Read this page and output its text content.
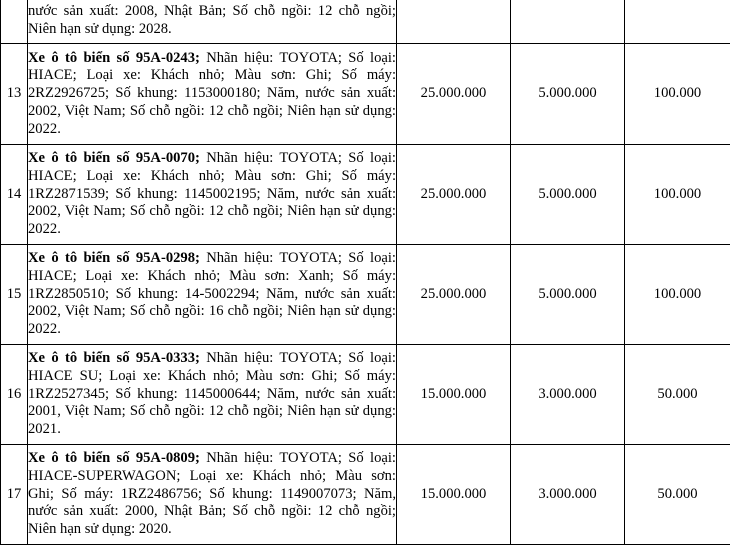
	nước sản xuất: 2008, Nhật Bản; Số chỗ ngồi: 12 chỗ ngồi;
Niên hạn sử dụng: 2028.			

13	Xe ô tô biển số 95A-0243; Nhãn hiệu: TOYOTA; Số loại:
HIACE; Loại xe: Khách nhỏ; Màu sơn: Ghi; Số máy:
2RZ2926725; Số khung: 1153000180; Năm, nước sản xuất:
2002, Việt Nam; Số chỗ ngồi: 12 chỗ ngồi; Niên hạn sử dụng:
2022.	25.000.000	5.000.000	100.000
14	Xe ô tô biển số 95A-0070; Nhãn hiệu: TOYOTA; Số loại:
HIACE; Loại xe: Khách nhỏ; Màu sơn: Ghi; Số máy:
1RZ2871539; Số khung: 1145002195; Năm, nước sản xuất:
2002, Việt Nam; Số chỗ ngồi: 12 chỗ ngồi; Niên hạn sử dụng:
2022.	25.000.000	5.000.000	100.000
15	Xe ô tô biển số 95A-0298; Nhãn hiệu: TOYOTA; Số loại:
HIACE; Loại xe: Khách nhỏ; Màu sơn: Xanh; Số máy:
1RZ2850510; Số khung: 14-5002294; Năm, nước sản xuất:
2002, Việt Nam; Số chỗ ngồi: 16 chỗ ngồi; Niên hạn sử dụng:
2022.	25.000.000	5.000.000	100.000
16	Xe ô tô biển số 95A-0333; Nhãn hiệu: TOYOTA; Số loại:
HIACE SU; Loại xe: Khách nhỏ; Màu sơn: Ghi; Số máy:
1RZ2527345; Số khung: 1145000644; Năm, nước sản xuất:
2001, Việt Nam; Số chỗ ngồi: 12 chỗ ngồi; Niên hạn sử dụng:
2021.	15.000.000	3.000.000	50.000
17	Xe ô tô biển số 95A-0809; Nhãn hiệu: TOYOTA; Số loại:
HIACE-SUPERWAGON; Loại xe: Khách nhỏ; Màu sơn:
Ghi; Số máy: 1RZ2486756; Số khung: 1149007073; Năm,
nước sản xuất: 2000, Nhật Bản; Số chỗ ngồi: 12 chỗ ngồi;
Niên hạn sử dụng: 2020.	15.000.000	3.000.000	50.000
